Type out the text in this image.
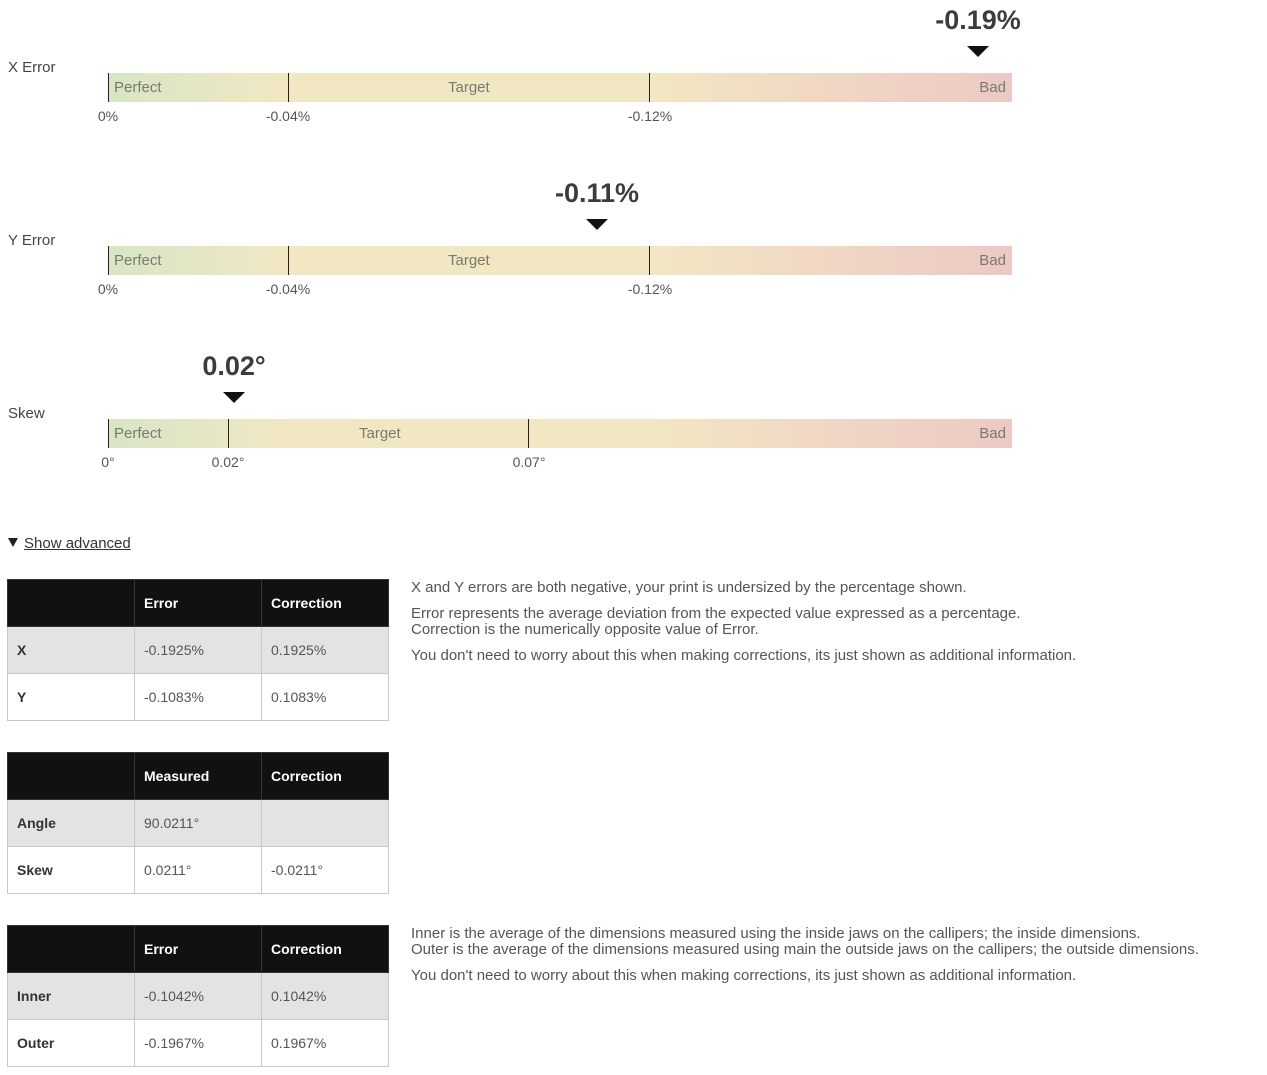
X Error
-0.19%
Perfect	Target	Bad
0%	-0.04%	-0.12%
Y Error
-0.11%
Perfect	Target	Bad
0%	-0.04%	-0.12%
Skew
0.02°
Perfect	Target	Bad
0°	0.02°	0.07°
Show advanced
	Error	Correction
X	-0.1925%	0.1925%
Y	-0.1083%	0.1083%

X and Y errors are both negative, your print is undersized by the percentage shown.

Error represents the average deviation from the expected value expressed as a percentage.
Correction is the numerically opposite value of Error.

You don't need to worry about this when making corrections, its just shown as additional information.

	Measured	Correction
Angle	90.0211°	
Skew	0.0211°	-0.0211°
	Error	Correction
Inner	-0.1042%	0.1042%
Outer	-0.1967%	0.1967%

Inner is the average of the dimensions measured using the inside jaws on the callipers; the inside dimensions.
Outer is the average of the dimensions measured using main the outside jaws on the callipers; the outside dimensions.

You don't need to worry about this when making corrections, its just shown as additional information.
